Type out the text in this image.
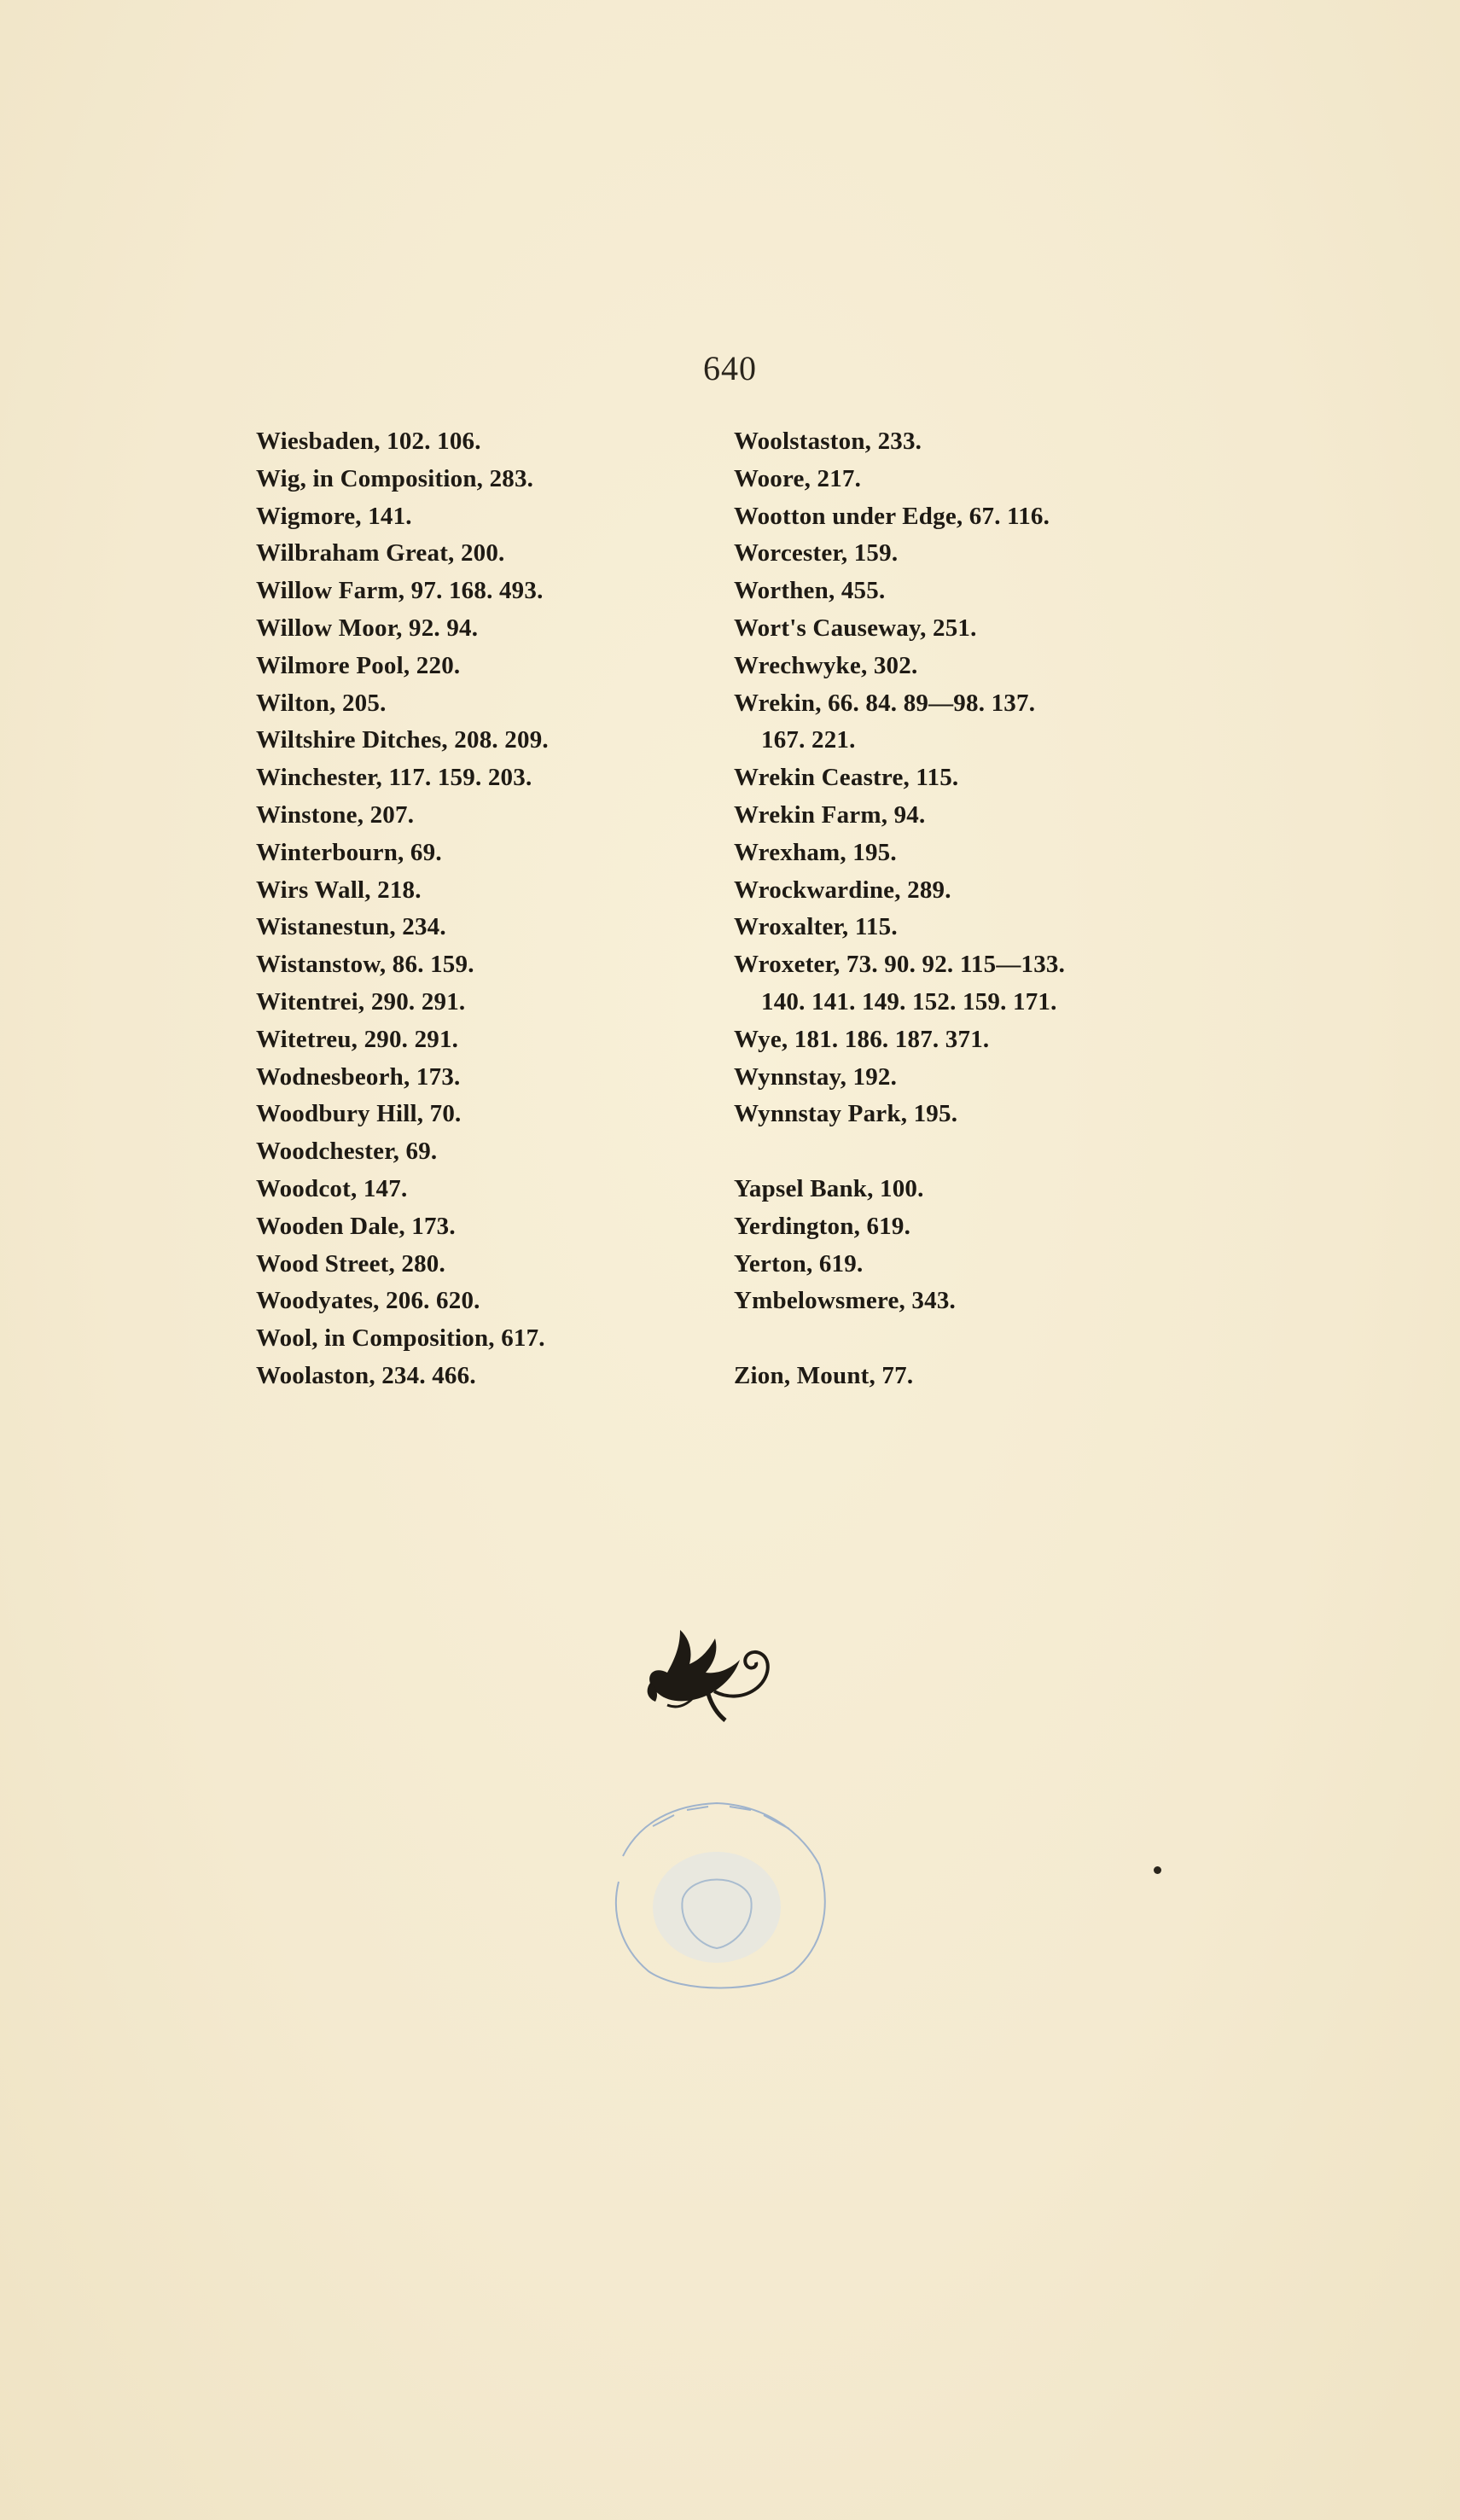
640
Wiesbaden, 102. 106.
Wig, in Composition, 283.
Wigmore, 141.
Wilbraham Great, 200.
Willow Farm, 97. 168. 493.
Willow Moor, 92. 94.
Wilmore Pool, 220.
Wilton, 205.
Wiltshire Ditches, 208. 209.
Winchester, 117. 159. 203.
Winstone, 207.
Winterbourn, 69.
Wirs Wall, 218.
Wistanestun, 234.
Wistanstow, 86. 159.
Witentrei, 290. 291.
Witetreu, 290. 291.
Wodnesbeorh, 173.
Woodbury Hill, 70.
Woodchester, 69.
Woodcot, 147.
Wooden Dale, 173.
Wood Street, 280.
Woodyates, 206. 620.
Wool, in Composition, 617.
Woolaston, 234. 466.
Woolstaston, 233.
Woore, 217.
Wootton under Edge, 67. 116.
Worcester, 159.
Worthen, 455.
Wort's Causeway, 251.
Wrechwyke, 302.
Wrekin, 66. 84. 89—98. 137.
167. 221.
Wrekin Ceastre, 115.
Wrekin Farm, 94.
Wrexham, 195.
Wrockwardine, 289.
Wroxalter, 115.
Wroxeter, 73. 90. 92. 115—133.
140. 141. 149. 152. 159. 171.
Wye, 181. 186. 187. 371.
Wynnstay, 192.
Wynnstay Park, 195.
Yapsel Bank, 100.
Yerdington, 619.
Yerton, 619.
Ymbelowsmere, 343.
Zion, Mount, 77.
